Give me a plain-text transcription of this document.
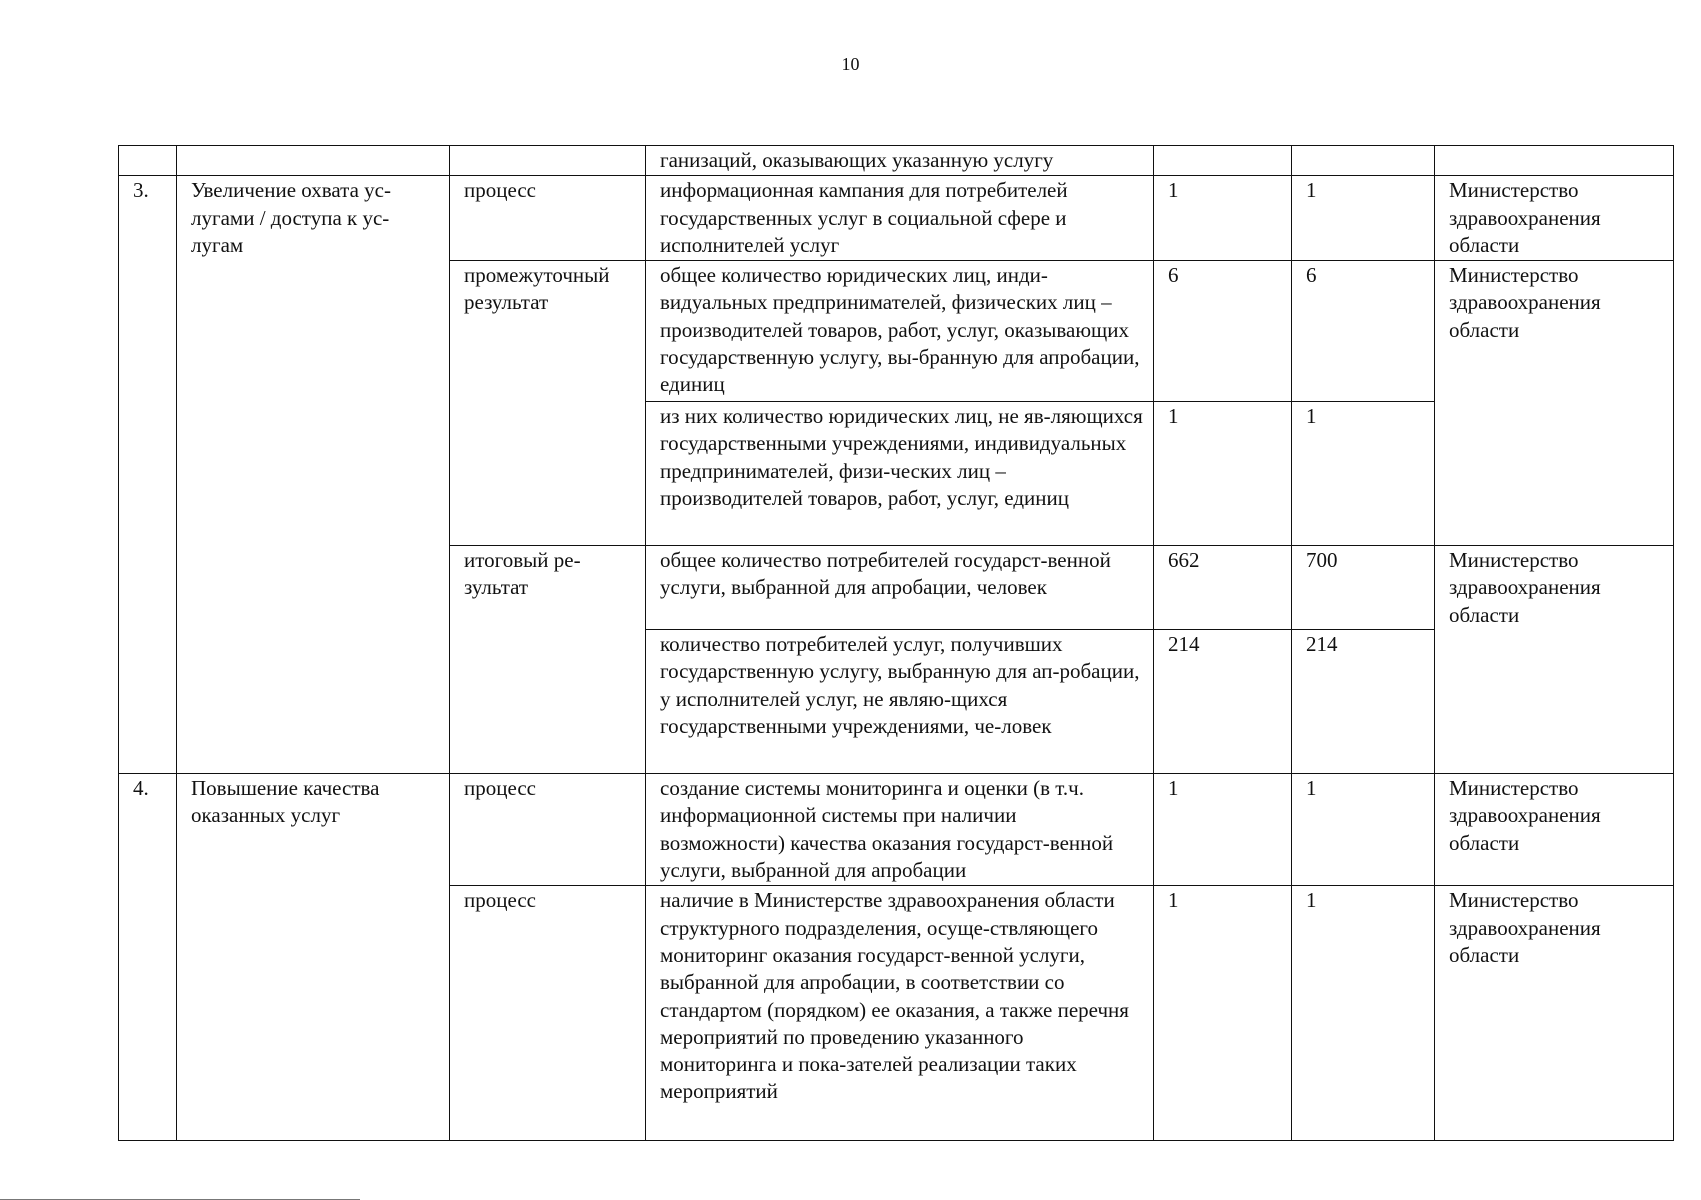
10
			ганизаций, оказывающих указанную услугу			
3.	Увеличение охвата ус-лугами / доступа к ус-лугам	процесс	информационная кампания для потребителей государственных услуг в социальной сфере и исполнителей услуг	1	1	Министерство здравоохранения области
		промежуточный результат	общее количество юридических лиц, инди-видуальных предпринимателей, физических лиц – производителей товаров, работ, услуг, оказывающих государственную услугу, вы-бранную для апробации, единиц	6	6	Министерство здравоохранения области
			из них количество юридических лиц, не яв-ляющихся государственными учреждениями, индивидуальных предпринимателей, физи-ческих лиц – производителей товаров, работ, услуг, единиц	1	1	
		итоговый ре-зультат	общее количество потребителей государст-венной услуги, выбранной для апробации, человек	662	700	Министерство здравоохранения области
			количество потребителей услуг, получивших государственную услугу, выбранную для ап-робации, у исполнителей услуг, не являю-щихся государственными учреждениями, че-ловек	214	214	
4.	Повышение качества оказанных услуг	процесс	создание системы мониторинга и оценки (в т.ч. информационной системы при наличии возможности) качества оказания государст-венной услуги, выбранной для апробации	1	1	Министерство здравоохранения области
		процесс	наличие в Министерстве здравоохранения области структурного подразделения, осуще-ствляющего мониторинг оказания государст-венной услуги, выбранной для апробации, в соответствии со стандартом (порядком) ее оказания, а также перечня мероприятий по проведению указанного мониторинга и пока-зателей реализации таких мероприятий	1	1	Министерство здравоохранения области
